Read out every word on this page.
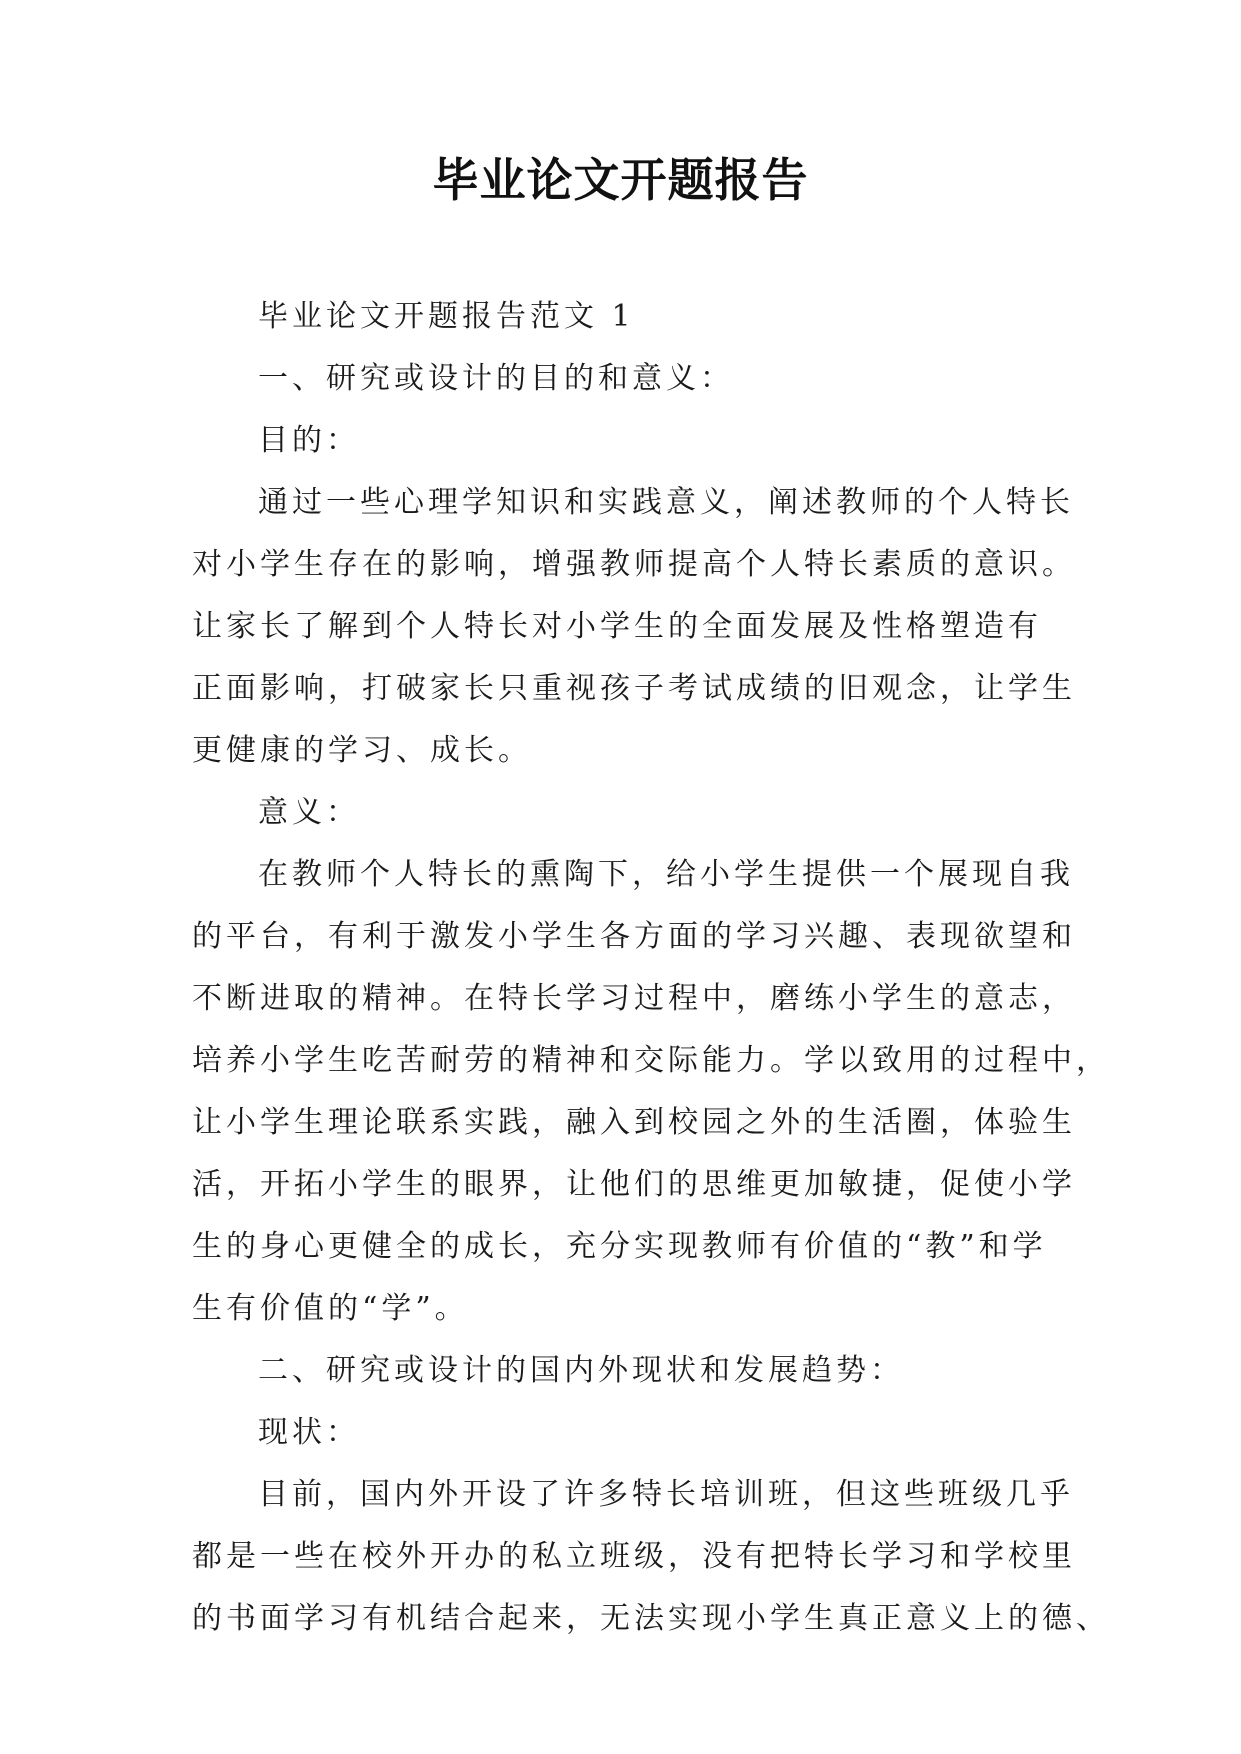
毕业论文开题报告
毕业论文开题报告范文 1
一、研究或设计的目的和意义：
目的：
通过一些心理学知识和实践意义，阐述教师的个人特长
对小学生存在的影响，增强教师提高个人特长素质的意识。
让家长了解到个人特长对小学生的全面发展及性格塑造有
正面影响，打破家长只重视孩子考试成绩的旧观念，让学生
更健康的学习、成长。
意义：
在教师个人特长的熏陶下，给小学生提供一个展现自我
的平台，有利于激发小学生各方面的学习兴趣、表现欲望和
不断进取的精神。在特长学习过程中，磨练小学生的意志，
培养小学生吃苦耐劳的精神和交际能力。学以致用的过程中，
让小学生理论联系实践，融入到校园之外的生活圈，体验生
活，开拓小学生的眼界，让他们的思维更加敏捷，促使小学
生的身心更健全的成长，充分实现教师有价值的“教”和学
生有价值的“学”。
二、研究或设计的国内外现状和发展趋势：
现状：
目前，国内外开设了许多特长培训班，但这些班级几乎
都是一些在校外开办的私立班级，没有把特长学习和学校里
的书面学习有机结合起来，无法实现小学生真正意义上的德、
